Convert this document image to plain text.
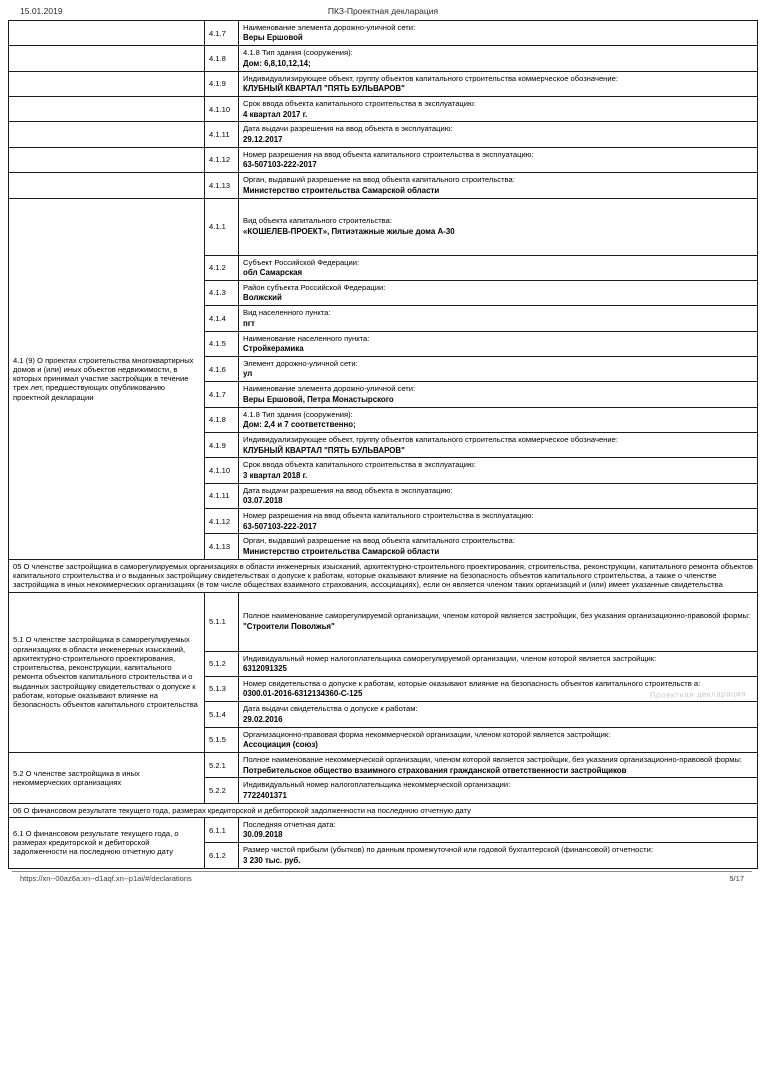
15.01.2019	ПКЗ-Проектная декларация
	4.1.7	Наименование элемента дорожно-уличной сети:
Веры Ершовой

	4.1.8	4.1.8 Тип здания (сооружения):
Дом: 6,8,10,12,14;

	4.1.9	Индивидуализирующее объект, группу объектов капитального строительства коммерческое обозначение:
КЛУБНЫЙ КВАРТАЛ "ПЯТЬ БУЛЬВАРОВ"

	4.1.10	Срок ввода объекта капитального строительства в эксплуатацию:
4 квартал 2017 г.

	4.1.11	Дата выдачи разрешения на ввод объекта в эксплуатацию:
29.12.2017

	4.1.12	Номер разрешения на ввод объекта капитального строительства в эксплуатацию:
63-507103-222-2017

	4.1.13	Орган, выдавший разрешение на ввод объекта капитального строительства:
Министерство строительства Самарской области

4.1 (9) О проектах строительства многоквартирных домов и (или) иных объектов недвижимости, в которых принимал участие застройщик в течение трех лет, предшествующих опубликованию проектной декларации	4.1.1	Вид объекта капитального строительства:
«КОШЕЛЕВ-ПРОЕКТ», Пятиэтажные жилые дома А-30

	4.1.2	Субъект Российской Федерации:
обл Самарская

	4.1.3	Район субъекта Российской Федерации:
Волжский

	4.1.4	Вид населенного пункта:
пгт

	4.1.5	Наименование населенного пункта:
Стройкерамика

	4.1.6	Элемент дорожно-уличной сети:
ул

	4.1.7	Наименование элемента дорожно-уличной сети:
Веры Ершовой, Петра Монастырского

	4.1.8	4.1.8 Тип здания (сооружения):
Дом: 2,4 и 7 соответственно;

	4.1.9	Индивидуализирующее объект, группу объектов капитального строительства коммерческое обозначение:
КЛУБНЫЙ КВАРТАЛ "ПЯТЬ БУЛЬВАРОВ"

	4.1.10	Срок ввода объекта капитального строительства в эксплуатацию:
3 квартал 2018 г.

	4.1.11	Дата выдачи разрешения на ввод объекта в эксплуатацию:
03.07.2018

	4.1.12	Номер разрешения на ввод объекта капитального строительства в эксплуатацию:
63-507103-222-2017

	4.1.13	Орган, выдавший разрешение на ввод объекта капитального строительства:
Министерство строительства Самарской области

05 О членстве застройщика в саморегулируемых организациях в области инженерных изысканий, архитектурно-строительного проектирования, строительства, реконструкции, капитального ремонта объектов капитального строительства и о выданных застройщику свидетельствах о допуске к работам, которые оказывают влияние на безопасность объектов капитального строительства, а также о членстве застройщика в иных некоммерческих организациях (в том числе обществах взаимного страхования, ассоциациях), если он является членом таких организаций и (или) имеет указанные свидетельства		
5.1 О членстве застройщика в саморегулируемых организациях в области инженерных изысканий, архитектурно-строительного проектирования, строительства, реконструкции, капитального ремонта объектов капитального строительства и о выданных застройщику свидетельствах о допуске к работам, которые оказывают влияние на безопасность объектов капитального строительства	5.1.1	Полное наименование саморегулируемой организации, членом которой является застройщик, без указания организационно-правовой формы:
"Строители Поволжья"

	5.1.2	Индивидуальный номер налогоплательщика саморегулируемой организации, членом которой является застройщик:
6312091325

	5.1.3	Номер свидетельства о допуске к работам, которые оказывают влияние на безопасность объектов капитального строительств а:
0300.01-2016-6312134360-С-125

	5.1.4	Дата выдачи свидетельства о допуске к работам:
29.02.2016

	5.1.5	Организационно-правовая форма некоммерческой организации, членом которой является застройщик:
Ассоциация (союз)

5.2 О членстве застройщика в иных некоммерческих организациях	5.2.1	Полное наименование некоммерческой организации, членом которой является застройщик, без указания организационно-правовой формы:
Потребительское общество взаимного страхования гражданской ответственности застройщиков

	5.2.2	Индивидуальный номер налогоплательщика некоммерческой организации:
7722401371

06 О финансовом результате текущего года, размерах кредиторской и дебиторской задолженности на последнюю отчетную дату		
6.1 О финансовом результате текущего года, о размерах кредиторской и дебиторской задолженности на последнюю отчетную дату	6.1.1	Последняя отчетная дата:
30.09.2018

	6.1.2	Размер чистой прибыли (убытков) по данным промежуточной или годовой бухгалтерской (финансовой) отчетности:
3 230 тыс. руб.
Проектная декларация
https://xn--00az6a.xn--d1aqf.xn--p1ai/#/declarations	5/17
